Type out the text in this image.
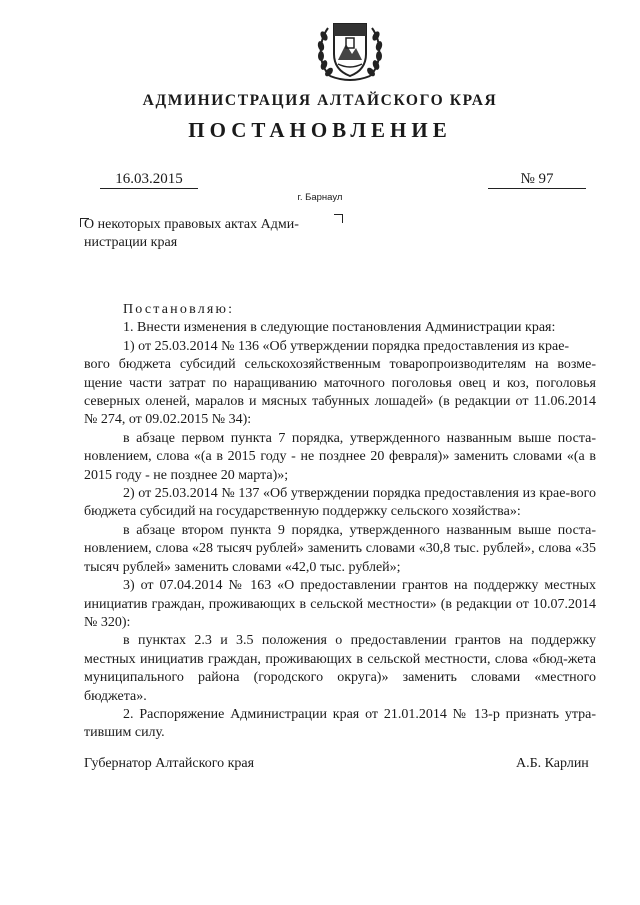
АДМИНИСТРАЦИЯ АЛТАЙСКОГО КРАЯ
ПОСТАНОВЛЕНИЕ
16.03.2015	№ 97
г. Барнаул
О некоторых правовых актах Адми-
нистрации края

Постановляю:

1. Внести изменения в следующие постановления Администрации края:

1) от 25.03.2014 № 136 «Об утверждении порядка предоставления из крае-

вого бюджета субсидий сельскохозяйственным товаропроизводителям на возме-щение части затрат по наращиванию маточного поголовья овец и коз, поголовья северных оленей, маралов и мясных табунных лошадей» (в редакции от 11.06.2014 № 274, от 09.02.2015 № 34):

в абзаце первом пункта 7 порядка, утвержденного названным выше поста-новлением, слова «(а в 2015 году - не позднее 20 февраля)» заменить словами «(а в 2015 году - не позднее 20 марта)»;

2) от 25.03.2014 № 137 «Об утверждении порядка предоставления из крае-вого бюджета субсидий на государственную поддержку сельского хозяйства»:

в абзаце втором пункта 9 порядка, утвержденного названным выше поста-новлением, слова «28 тысяч рублей» заменить словами «30,8 тыс. рублей», слова «35 тысяч рублей» заменить словами «42,0 тыс. рублей»;

3) от 07.04.2014 № 163 «О предоставлении грантов на поддержку местных инициатив граждан, проживающих в сельской местности» (в редакции от 10.07.2014 № 320):

в пунктах 2.3 и 3.5 положения о предоставлении грантов на поддержку местных инициатив граждан, проживающих в сельской местности, слова «бюд-жета муниципального района (городского округа)» заменить словами «местного бюджета».

2. Распоряжение Администрации края от 21.01.2014 № 13-р признать утра-тившим силу.

Губернатор Алтайского края	А.Б. Карлин
